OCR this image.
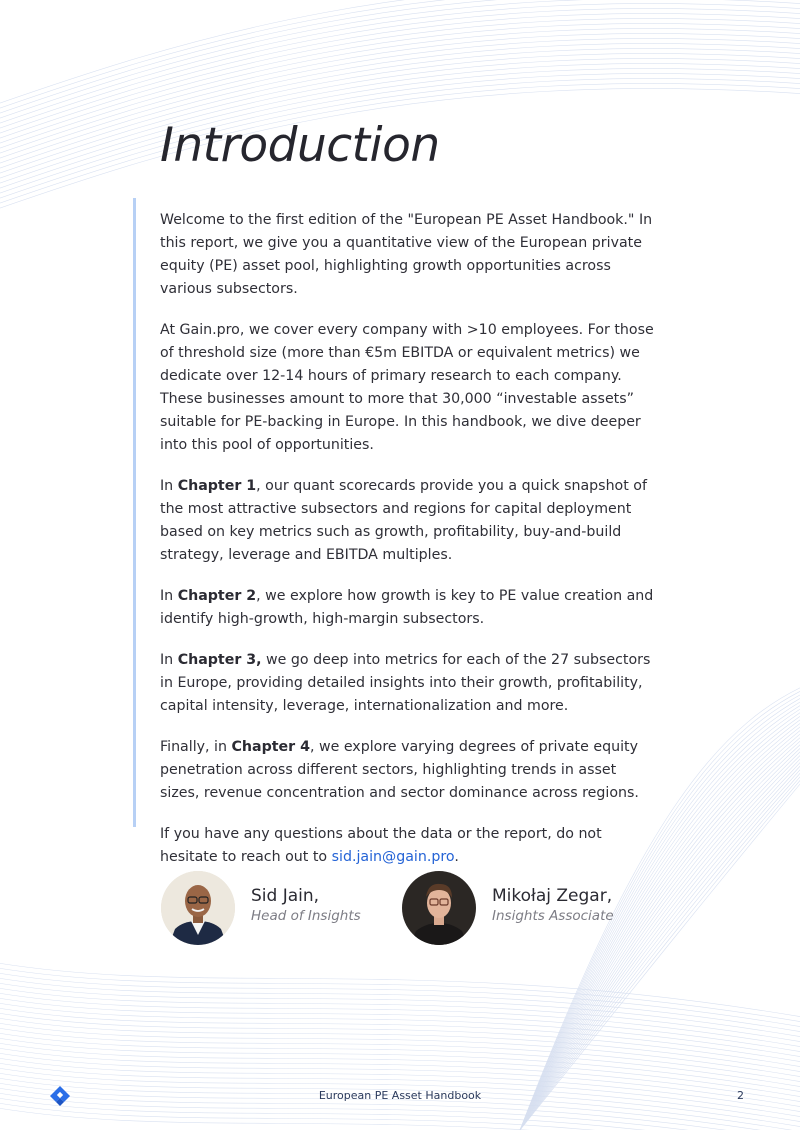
Introduction

Welcome to the first edition of the "European PE Asset Handbook." In this report, we give you a quantitative view of the European private equity (PE) asset pool, highlighting growth opportunities across various subsectors.

At Gain.pro, we cover every company with >10 employees. For those of threshold size (more than €5m EBITDA or equivalent metrics) we dedicate over 12-14 hours of primary research to each company. These businesses amount to more that 30,000 “investable assets” suitable for PE-backing in Europe. In this handbook, we dive deeper into this pool of opportunities.

In Chapter 1, our quant scorecards provide you a quick snapshot of the most attractive subsectors and regions for capital deployment based on key metrics such as growth, profitability, buy-and-build strategy, leverage and EBITDA multiples.

In Chapter 2, we explore how growth is key to PE value creation and identify high-growth, high-margin subsectors.

In Chapter 3, we go deep into metrics for each of the 27 subsectors in Europe, providing detailed insights into their growth, profitability, capital intensity, leverage, internationalization and more.

Finally, in Chapter 4, we explore varying degrees of private equity penetration across different sectors, highlighting trends in asset sizes, revenue concentration and sector dominance across regions.

If you have any questions about the data or the report, do not hesitate to reach out to sid.jain@gain.pro.

Sid Jain,
Head of Insights
Mikołaj Zegar,
Insights Associate
European PE Asset Handbook	2
